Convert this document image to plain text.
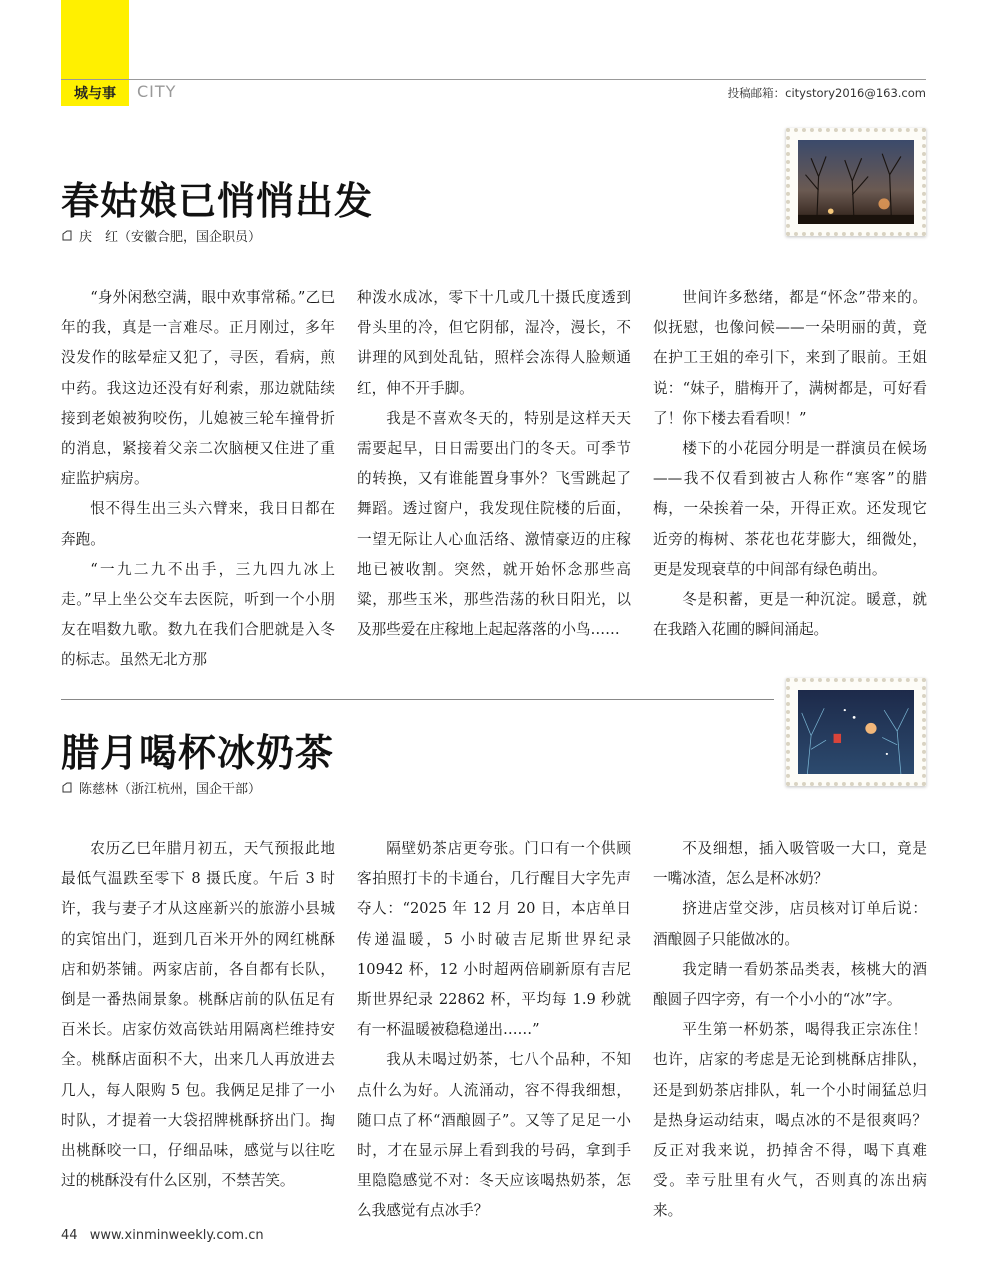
城与事	CITY	投稿邮箱：citystory2016@163.com
春姑娘已悄悄出发
庆　红（安徽合肥，国企职员）

“身外闲愁空满，眼中欢事常稀。”乙巳年的我，真是一言难尽。正月刚过，多年没发作的眩晕症又犯了，寻医，看病，煎中药。我这边还没有好利索，那边就陆续接到老娘被狗咬伤，儿媳被三轮车撞骨折的消息，紧接着父亲二次脑梗又住进了重症监护病房。

恨不得生出三头六臂来，我日日都在奔跑。

“一九二九不出手，三九四九冰上走。”早上坐公交车去医院，听到一个小朋友在唱数九歌。数九在我们合肥就是入冬的标志。虽然无北方那

种泼水成冰，零下十几或几十摄氏度透到骨头里的冷，但它阴郁，湿冷，漫长，不讲理的风到处乱钻，照样会冻得人脸颊通红，伸不开手脚。

我是不喜欢冬天的，特别是这样天天需要起早，日日需要出门的冬天。可季节的转换，又有谁能置身事外？飞雪跳起了舞蹈。透过窗户，我发现住院楼的后面，一望无际让人心血活络、激情豪迈的庄稼地已被收割。突然，就开始怀念那些高粱，那些玉米，那些浩荡的秋日阳光，以及那些爱在庄稼地上起起落落的小鸟……

世间许多愁绪，都是“怀念”带来的。似抚慰，也像问候——一朵明丽的黄，竟在护工王姐的牵引下，来到了眼前。王姐说：“妹子，腊梅开了，满树都是，可好看了！你下楼去看看呗！”

楼下的小花园分明是一群演员在候场——我不仅看到被古人称作“寒客”的腊梅，一朵挨着一朵，开得正欢。还发现它近旁的梅树、茶花也花芽膨大，细微处，更是发现衰草的中间部有绿色萌出。

冬是积蓄，更是一种沉淀。暖意，就在我踏入花圃的瞬间涌起。

腊月喝杯冰奶茶
陈慈林（浙江杭州，国企干部）

农历乙巳年腊月初五，天气预报此地最低气温跌至零下 8 摄氏度。午后 3 时许，我与妻子才从这座新兴的旅游小县城的宾馆出门，逛到几百米开外的网红桃酥店和奶茶铺。两家店前，各自都有长队，倒是一番热闹景象。桃酥店前的队伍足有百米长。店家仿效高铁站用隔离栏维持安全。桃酥店面积不大，出来几人再放进去几人，每人限购 5 包。我俩足足排了一小时队，才提着一大袋招牌桃酥挤出门。掏出桃酥咬一口，仔细品味，感觉与以往吃过的桃酥没有什么区别，不禁苦笑。

隔壁奶茶店更夸张。门口有一个供顾客拍照打卡的卡通台，几行醒目大字先声夺人：“2025 年 12 月 20 日，本店单日传递温暖，5 小时破吉尼斯世界纪录 10942 杯，12 小时超两倍刷新原有吉尼斯世界纪录 22862 杯，平均每 1.9 秒就有一杯温暖被稳稳递出……”

我从未喝过奶茶，七八个品种，不知点什么为好。人流涌动，容不得我细想，随口点了杯“酒酿圆子”。又等了足足一小时，才在显示屏上看到我的号码，拿到手里隐隐感觉不对：冬天应该喝热奶茶，怎么我感觉有点冰手？

不及细想，插入吸管吸一大口，竟是一嘴冰渣，怎么是杯冰奶？

挤进店堂交涉，店员核对订单后说：酒酿圆子只能做冰的。

我定睛一看奶茶品类表，核桃大的酒酿圆子四字旁，有一个小小的“冰”字。

平生第一杯奶茶，喝得我正宗冻住！也许，店家的考虑是无论到桃酥店排队，还是到奶茶店排队，轧一个小时闹猛总归是热身运动结束，喝点冰的不是很爽吗？反正对我来说，扔掉舍不得，喝下真难受。幸亏肚里有火气，否则真的冻出病来。

44 www.xinminweekly.com.cn
